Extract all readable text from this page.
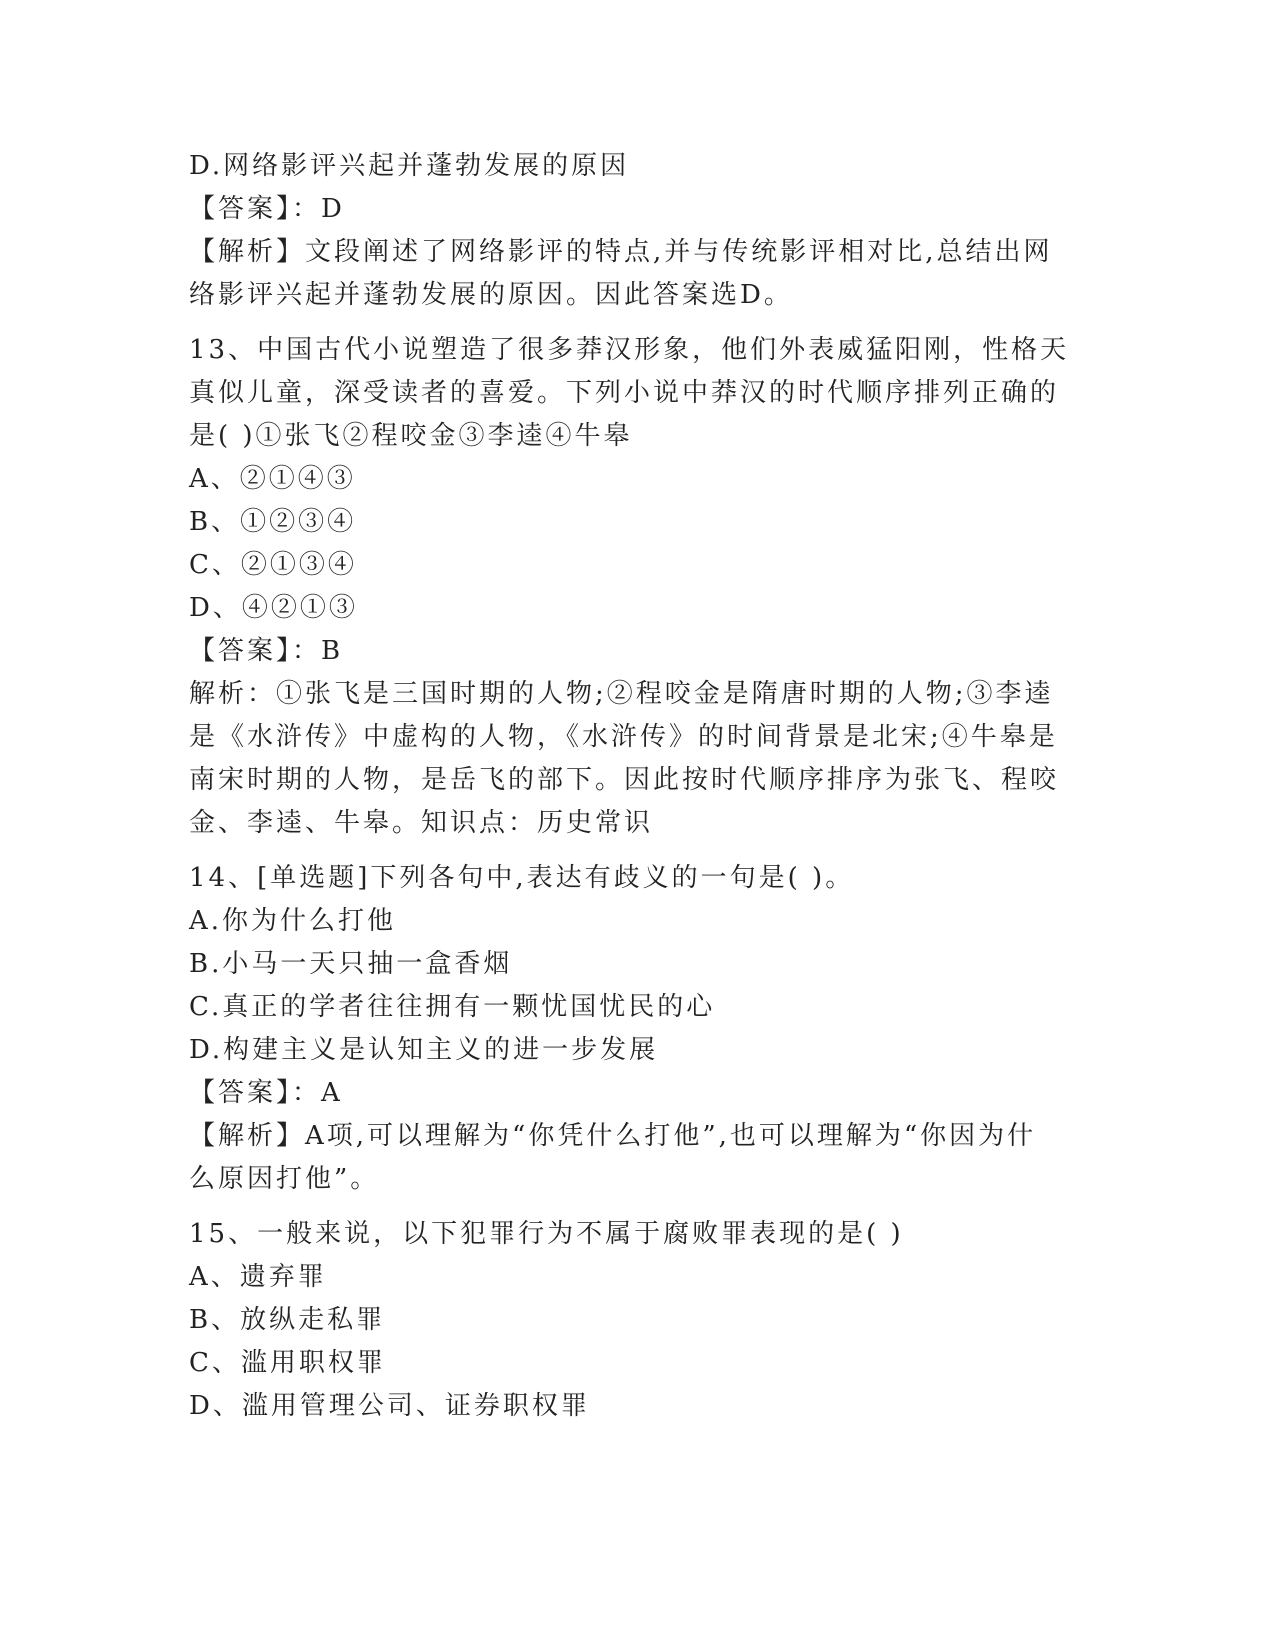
D.网络影评兴起并蓬勃发展的原因
【答案】：D
【解析】文段阐述了网络影评的特点,并与传统影评相对比,总结出网
络影评兴起并蓬勃发展的原因。因此答案选D。
13、中国古代小说塑造了很多莽汉形象，他们外表威猛阳刚，性格天
真似儿童，深受读者的喜爱。下列小说中莽汉的时代顺序排列正确的
是( )①张飞②程咬金③李逵④牛皋
A、②①④③
B、①②③④
C、②①③④
D、④②①③
【答案】：B
解析：①张飞是三国时期的人物;②程咬金是隋唐时期的人物;③李逵
是《水浒传》中虚构的人物，《水浒传》的时间背景是北宋;④牛皋是
南宋时期的人物，是岳飞的部下。因此按时代顺序排序为张飞、程咬
金、李逵、牛皋。知识点：历史常识
14、[单选题]下列各句中,表达有歧义的一句是( )。
A.你为什么打他
B.小马一天只抽一盒香烟
C.真正的学者往往拥有一颗忧国忧民的心
D.构建主义是认知主义的进一步发展
【答案】：A
【解析】A项,可以理解为“你凭什么打他”,也可以理解为“你因为什
么原因打他”。
15、一般来说，以下犯罪行为不属于腐败罪表现的是( )
A、遗弃罪
B、放纵走私罪
C、滥用职权罪
D、滥用管理公司、证券职权罪
